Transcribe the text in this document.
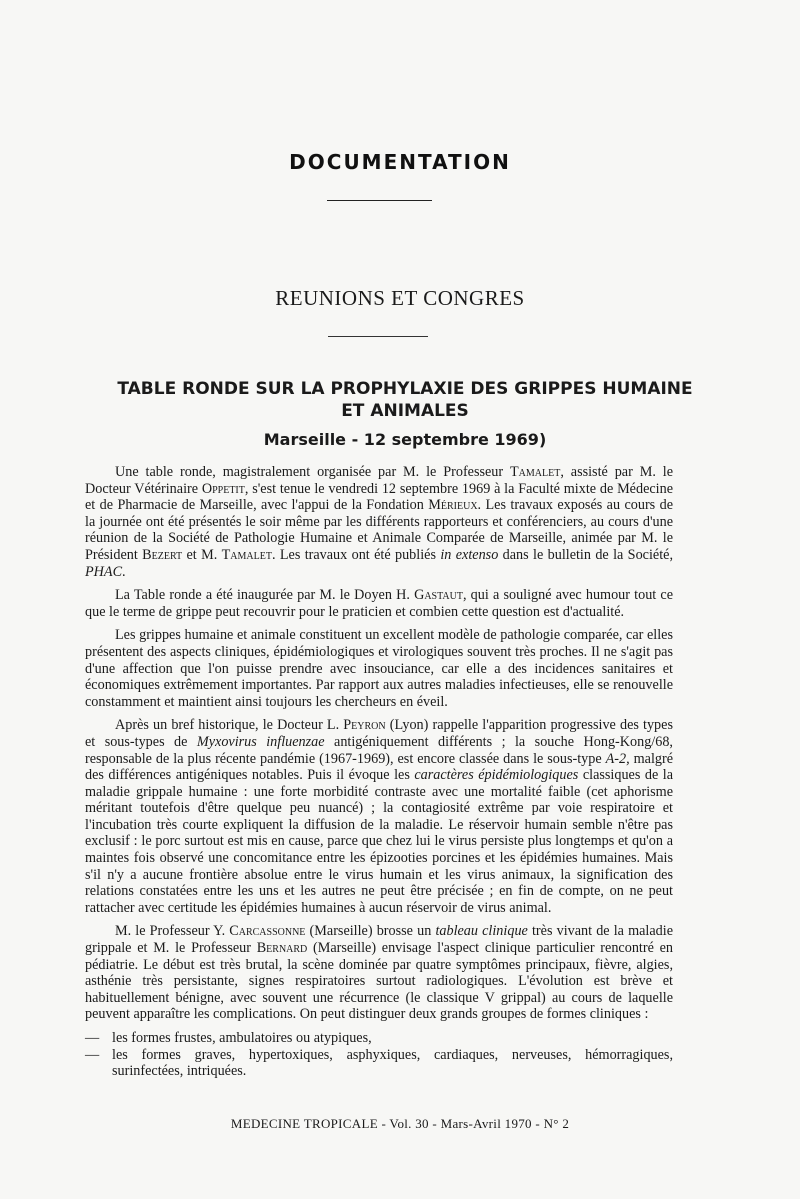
DOCUMENTATION
REUNIONS ET CONGRES
TABLE RONDE SUR LA PROPHYLAXIE DES GRIPPES HUMAINE
ET ANIMALES
Marseille - 12 septembre 1969)

Une table ronde, magistralement organisée par M. le Professeur Tamalet, assisté par M. le Docteur Vétérinaire Oppetit, s'est tenue le vendredi 12 septembre 1969 à la Faculté mixte de Médecine et de Pharmacie de Marseille, avec l'appui de la Fondation Mérieux. Les travaux exposés au cours de la journée ont été présentés le soir même par les différents rapporteurs et conférenciers, au cours d'une réunion de la Société de Pathologie Humaine et Animale Comparée de Marseille, animée par M. le Président Bezert et M. Tamalet. Les travaux ont été publiés in extenso dans le bulletin de la Société, PHAC.

La Table ronde a été inaugurée par M. le Doyen H. Gastaut, qui a souligné avec humour tout ce que le terme de grippe peut recouvrir pour le praticien et combien cette question est d'actualité.

Les grippes humaine et animale constituent un excellent modèle de pathologie comparée, car elles présentent des aspects cliniques, épidémiologiques et virologiques souvent très proches. Il ne s'agit pas d'une affection que l'on puisse prendre avec insouciance, car elle a des incidences sanitaires et économiques extrêmement importantes. Par rapport aux autres maladies infectieuses, elle se renouvelle constamment et maintient ainsi toujours les chercheurs en éveil.

Après un bref historique, le Docteur L. Peyron (Lyon) rappelle l'apparition progressive des types et sous-types de Myxovirus influenzae antigéniquement différents ; la souche Hong-Kong/68, responsable de la plus récente pandémie (1967-1969), est encore classée dans le sous-type A-2, malgré des différences antigéniques notables. Puis il évoque les caractères épidémiologiques classiques de la maladie grippale humaine : une forte morbidité contraste avec une mortalité faible (cet aphorisme méritant toutefois d'être quelque peu nuancé) ; la contagiosité extrême par voie respiratoire et l'incubation très courte expliquent la diffusion de la maladie. Le réservoir humain semble n'être pas exclusif : le porc surtout est mis en cause, parce que chez lui le virus persiste plus longtemps et qu'on a maintes fois observé une concomitance entre les épizooties porcines et les épidémies humaines. Mais s'il n'y a aucune frontière absolue entre le virus humain et les virus animaux, la signification des relations constatées entre les uns et les autres ne peut être précisée ; en fin de compte, on ne peut rattacher avec certitude les épidémies humaines à aucun réservoir de virus animal.

M. le Professeur Y. Carcassonne (Marseille) brosse un tableau clinique très vivant de la maladie grippale et M. le Professeur Bernard (Marseille) envisage l'aspect clinique particulier rencontré en pédiatrie. Le début est très brutal, la scène dominée par quatre symptômes principaux, fièvre, algies, asthénie très persistante, signes respiratoires surtout radiologiques. L'évolution est brève et habituellement bénigne, avec souvent une récurrence (le classique V grippal) au cours de laquelle peuvent apparaître les complications. On peut distinguer deux grands groupes de formes cliniques :

— les formes frustes, ambulatoires ou atypiques,
— les formes graves, hypertoxiques, asphyxiques, cardiaques, nerveuses, hémorragiques, surinfectées, intriquées.
MEDECINE TROPICALE - Vol. 30 - Mars-Avril 1970 - N° 2
